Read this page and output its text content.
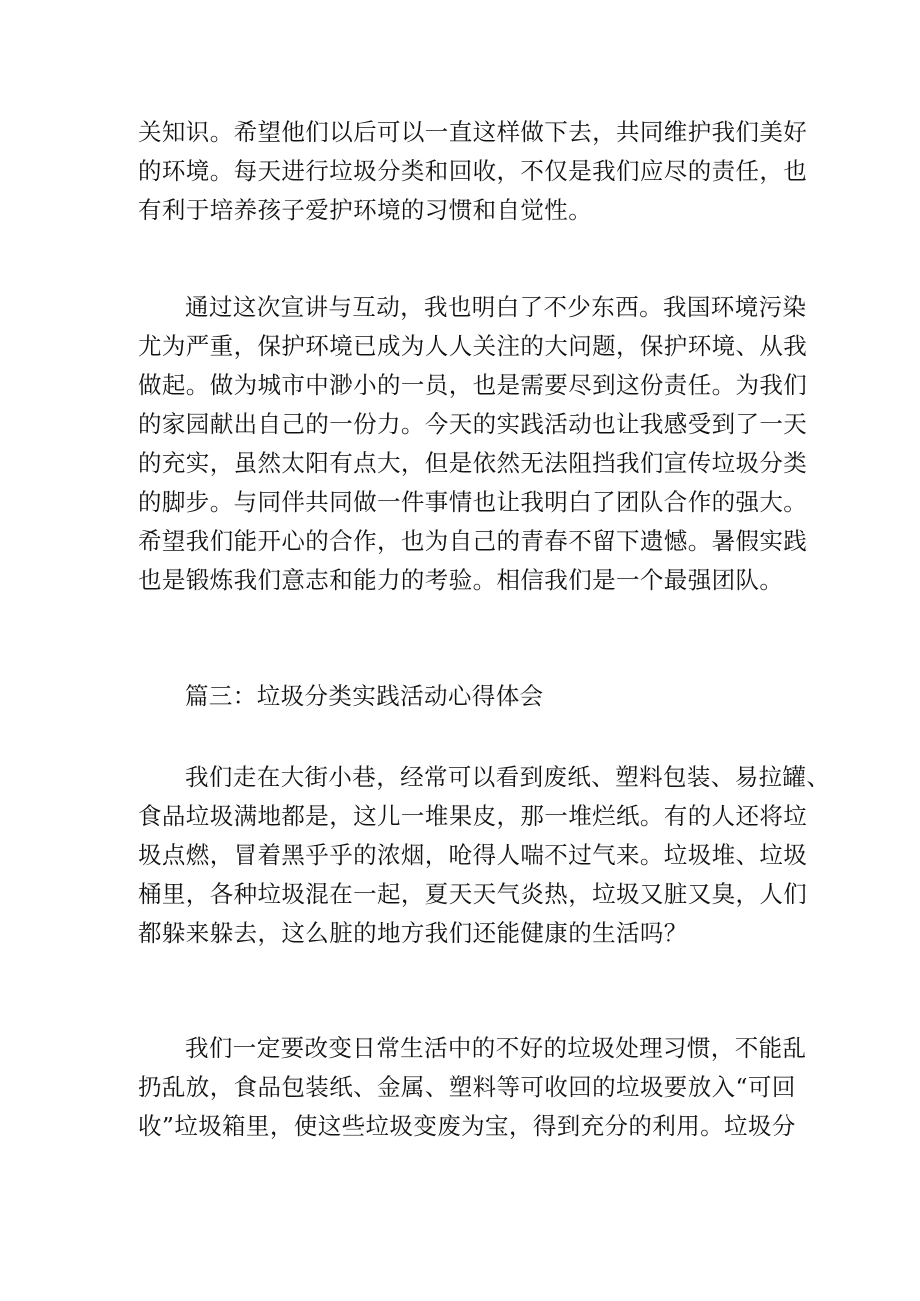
关知识。希望他们以后可以一直这样做下去，共同维护我们美好
的环境。每天进行垃圾分类和回收，不仅是我们应尽的责任，也
有利于培养孩子爱护环境的习惯和自觉性。
通过这次宣讲与互动，我也明白了不少东西。我国环境污染
尤为严重，保护环境已成为人人关注的大问题，保护环境、从我
做起。做为城市中渺小的一员，也是需要尽到这份责任。为我们
的家园献出自己的一份力。今天的实践活动也让我感受到了一天
的充实，虽然太阳有点大，但是依然无法阻挡我们宣传垃圾分类
的脚步。与同伴共同做一件事情也让我明白了团队合作的强大。
希望我们能开心的合作，也为自己的青春不留下遗憾。暑假实践
也是锻炼我们意志和能力的考验。相信我们是一个最强团队。
篇三：垃圾分类实践活动心得体会
我们走在大街小巷，经常可以看到废纸、塑料包装、易拉罐、
食品垃圾满地都是，这儿一堆果皮，那一堆烂纸。有的人还将垃
圾点燃，冒着黑乎乎的浓烟，呛得人喘不过气来。垃圾堆、垃圾
桶里，各种垃圾混在一起，夏天天气炎热，垃圾又脏又臭，人们
都躲来躲去，这么脏的地方我们还能健康的生活吗？
我们一定要改变日常生活中的不好的垃圾处理习惯，不能乱
扔乱放，食品包装纸、金属、塑料等可收回的垃圾要放入“可回
收”垃圾箱里，使这些垃圾变废为宝，得到充分的利用。垃圾分
